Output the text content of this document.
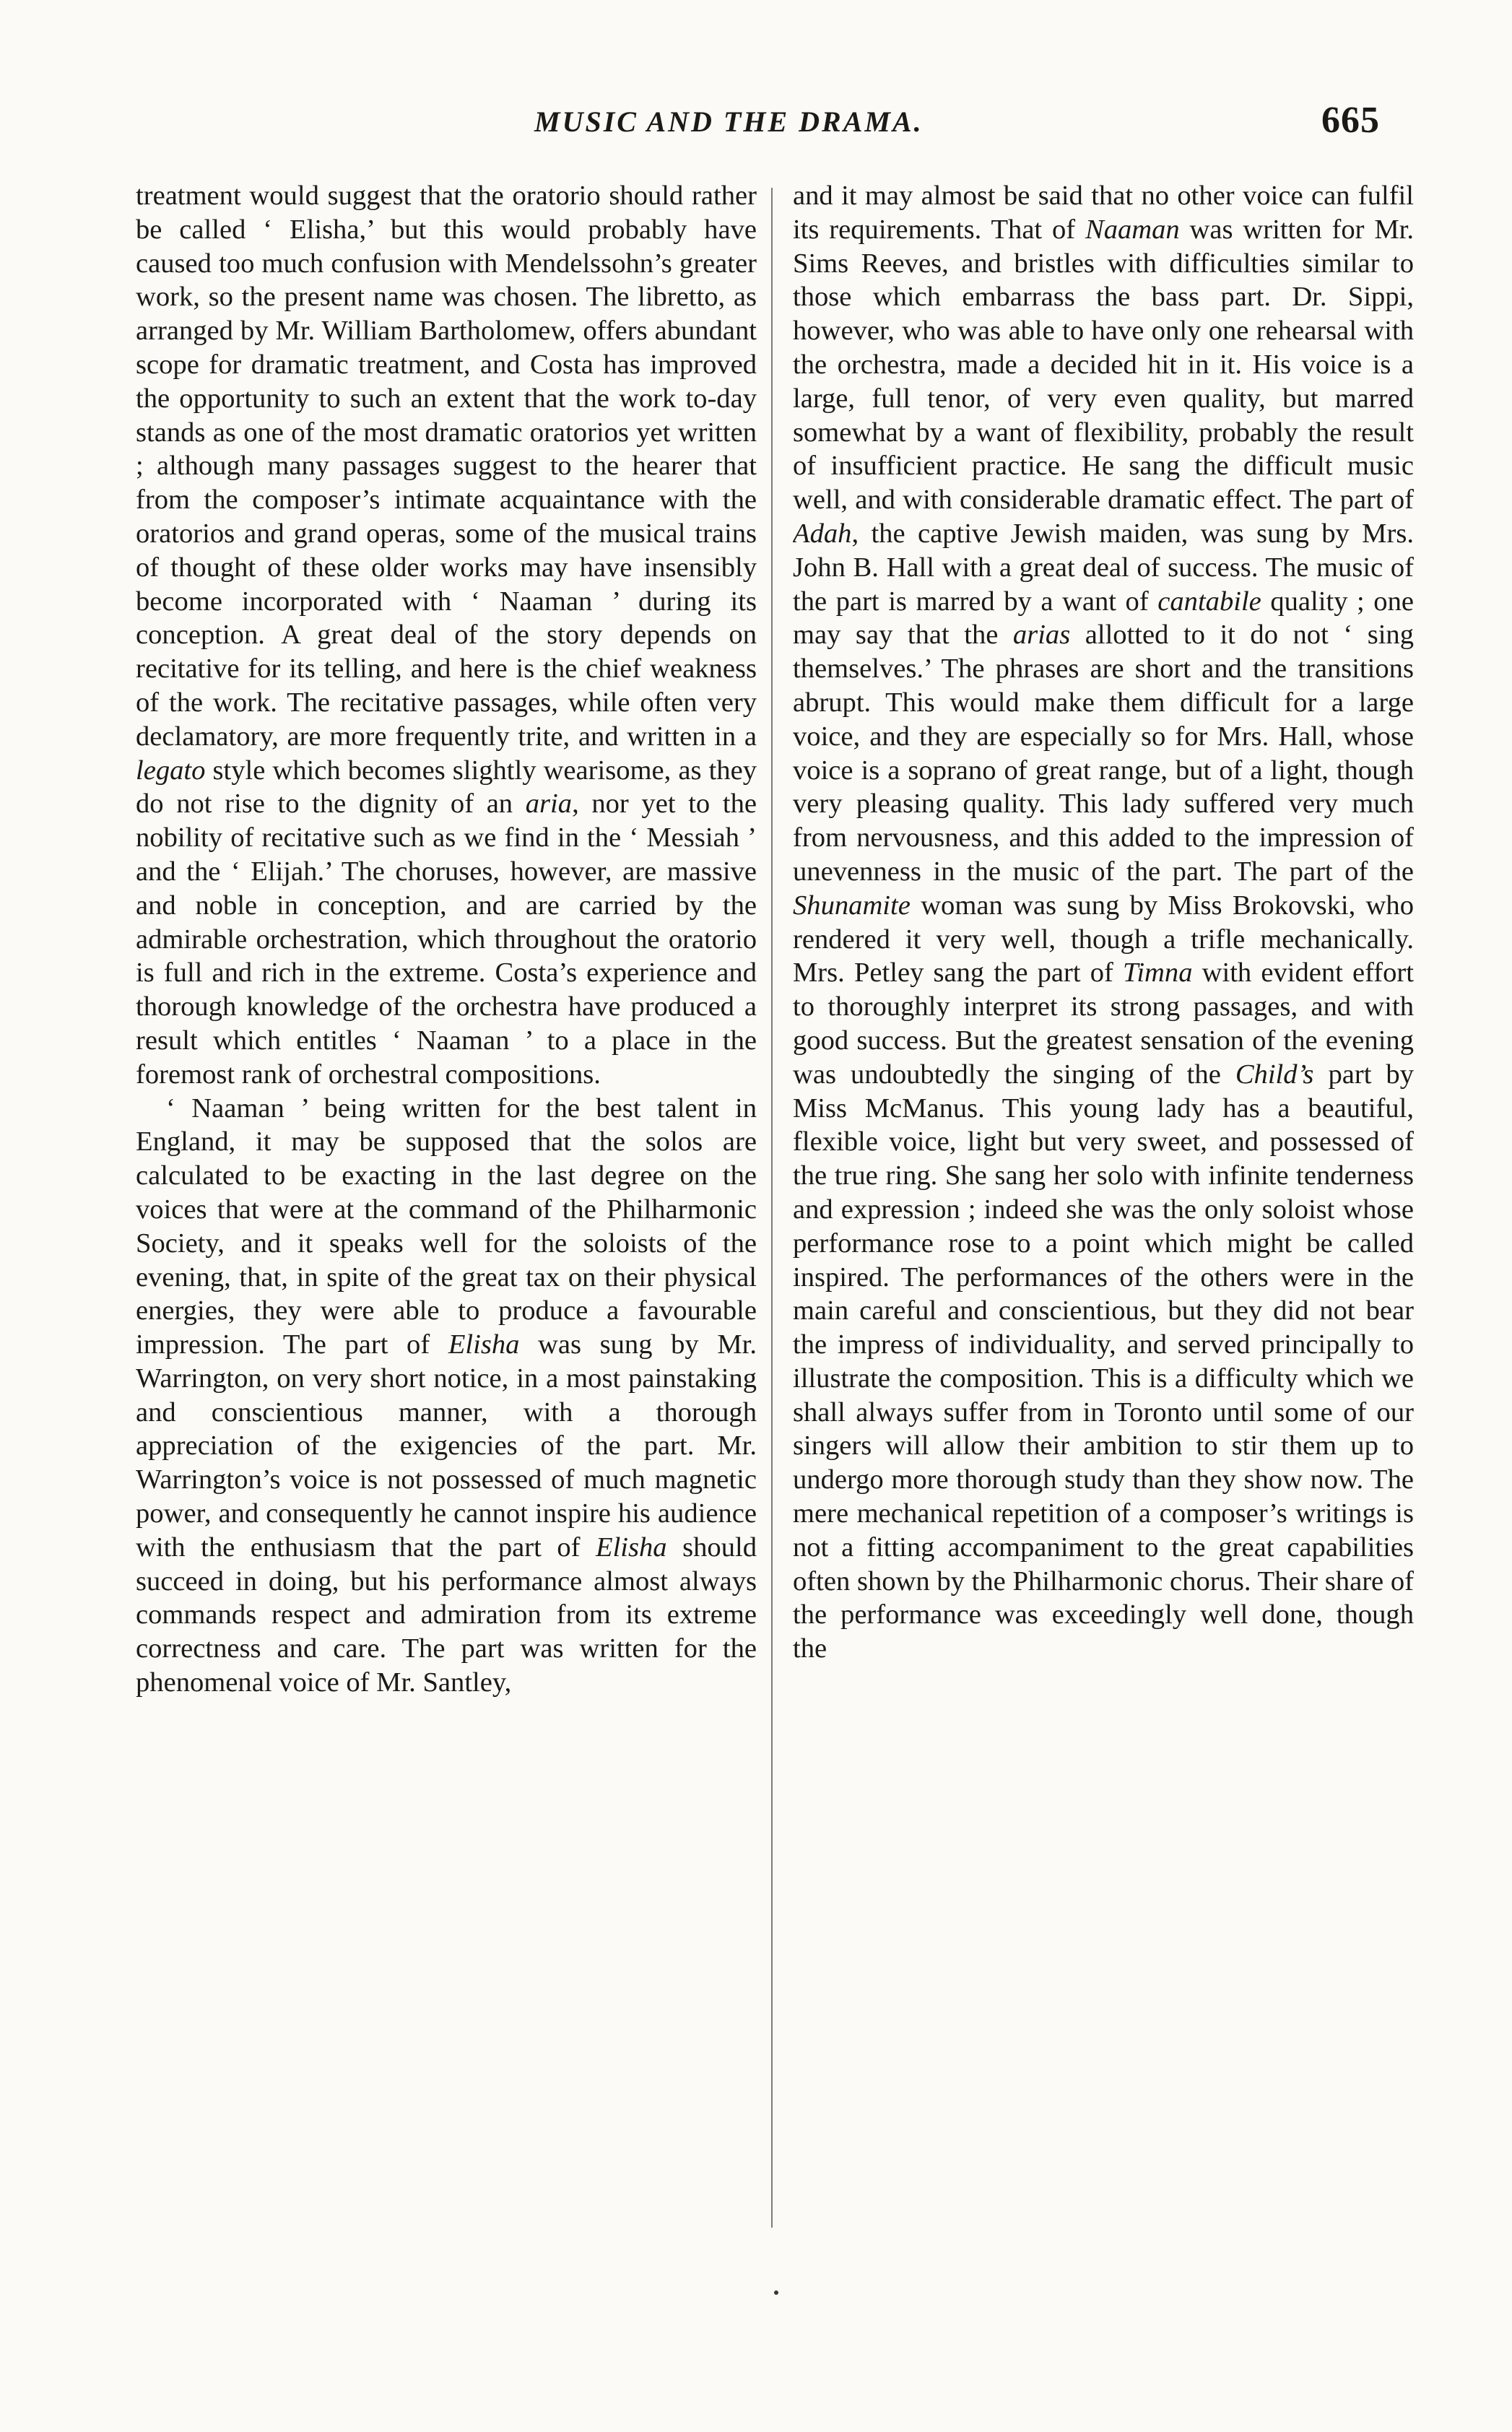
MUSIC AND THE DRAMA.	665

treatment would suggest that the oratorio should rather be called ‘ Elisha,’ but this would probably have caused too much confusion with Mendelssohn’s greater work, so the present name was chosen. The libretto, as arranged by Mr. William Bartholomew, offers abundant scope for dramatic treatment, and Costa has improved the opportunity to such an extent that the work to-day stands as one of the most dramatic oratorios yet written ; although many passages suggest to the hearer that from the composer’s intimate acquaintance with the oratorios and grand operas, some of the musical trains of thought of these older works may have insensibly become incorporated with ‘ Naaman ’ during its conception. A great deal of the story depends on recitative for its telling, and here is the chief weakness of the work. The recitative passages, while often very declamatory, are more frequently trite, and written in a legato style which becomes slightly wearisome, as they do not rise to the dignity of an aria, nor yet to the nobility of recitative such as we find in the ‘ Messiah ’ and the ‘ Elijah.’ The choruses, however, are massive and noble in conception, and are carried by the admirable orchestration, which throughout the oratorio is full and rich in the extreme. Costa’s experience and thorough knowledge of the orchestra have produced a result which entitles ‘ Naaman ’ to a place in the foremost rank of orchestral compositions.

‘ Naaman ’ being written for the best talent in England, it may be supposed that the solos are calculated to be exacting in the last degree on the voices that were at the command of the Philharmonic Society, and it speaks well for the soloists of the evening, that, in spite of the great tax on their physical energies, they were able to produce a favourable impression. The part of Elisha was sung by Mr. Warrington, on very short notice, in a most painstaking and conscientious manner, with a thorough appreciation of the exigencies of the part. Mr. Warrington’s voice is not possessed of much magnetic power, and consequently he cannot inspire his audience with the enthusiasm that the part of Elisha should succeed in doing, but his performance almost always commands respect and admiration from its extreme correctness and care. The part was written for the phenomenal voice of Mr. Santley,

and it may almost be said that no other voice can fulfil its requirements. That of Naaman was written for Mr. Sims Reeves, and bristles with difficulties similar to those which embarrass the bass part. Dr. Sippi, however, who was able to have only one rehearsal with the orchestra, made a decided hit in it. His voice is a large, full tenor, of very even quality, but marred somewhat by a want of flexibility, probably the result of insufficient practice. He sang the difficult music well, and with considerable dramatic effect. The part of Adah, the captive Jewish maiden, was sung by Mrs. John B. Hall with a great deal of success. The music of the part is marred by a want of cantabile quality ; one may say that the arias allotted to it do not ‘ sing themselves.’ The phrases are short and the transitions abrupt. This would make them difficult for a large voice, and they are especially so for Mrs. Hall, whose voice is a soprano of great range, but of a light, though very pleasing quality. This lady suffered very much from nervousness, and this added to the impression of unevenness in the music of the part. The part of the Shunamite woman was sung by Miss Brokovski, who rendered it very well, though a trifle mechanically. Mrs. Petley sang the part of Timna with evident effort to thoroughly interpret its strong passages, and with good success. But the greatest sensation of the evening was undoubtedly the singing of the Child’s part by Miss McManus. This young lady has a beautiful, flexible voice, light but very sweet, and possessed of the true ring. She sang her solo with infinite tenderness and expression ; indeed she was the only soloist whose performance rose to a point which might be called inspired. The performances of the others were in the main careful and conscientious, but they did not bear the impress of individuality, and served principally to illustrate the composition. This is a difficulty which we shall always suffer from in Toronto until some of our singers will allow their ambition to stir them up to undergo more thorough study than they show now. The mere mechanical repetition of a composer’s writings is not a fitting accompaniment to the great capabilities often shown by the Philharmonic chorus. Their share of the performance was exceedingly well done, though the
